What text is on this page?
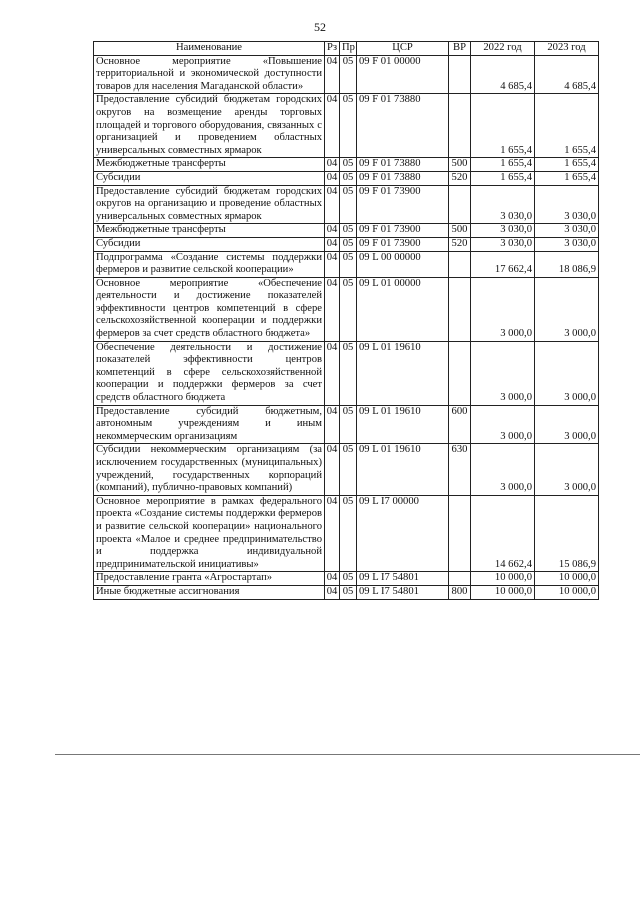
52
Наименование	Рз	Пр	ЦСР	ВР	2022 год	2023 год
Основное мероприятие «Повышение территориальной и экономической доступности товаров для населения Магаданской области»	04	05	09 F 01 00000		4 685,4	4 685,4
Предоставление субсидий бюджетам городских округов на возмещение аренды торговых площадей и торгового оборудования, связанных с организацией и проведением областных универсальных совместных ярмарок	04	05	09 F 01 73880		1 655,4	1 655,4
Межбюджетные трансферты	04	05	09 F 01 73880	500	1 655,4	1 655,4
Субсидии	04	05	09 F 01 73880	520	1 655,4	1 655,4
Предоставление субсидий бюджетам городских округов на организацию и проведение областных универсальных совместных ярмарок	04	05	09 F 01 73900		3 030,0	3 030,0
Межбюджетные трансферты	04	05	09 F 01 73900	500	3 030,0	3 030,0
Субсидии	04	05	09 F 01 73900	520	3 030,0	3 030,0
Подпрограмма «Создание системы поддержки фермеров и развитие сельской кооперации»	04	05	09 L 00 00000		17 662,4	18 086,9
Основное мероприятие «Обеспечение деятельности и достижение показателей эффективности центров компетенций в сфере сельскохозяйственной кооперации и поддержки фермеров за счет средств областного бюджета»	04	05	09 L 01 00000		3 000,0	3 000,0
Обеспечение деятельности и достижение показателей эффективности центров компетенций в сфере сельскохозяйственной кооперации и поддержки фермеров за счет средств областного бюджета	04	05	09 L 01 19610		3 000,0	3 000,0
Предоставление субсидий бюджетным, автономным учреждениям и иным некоммерческим организациям	04	05	09 L 01 19610	600	3 000,0	3 000,0
Субсидии некоммерческим организациям (за исключением государственных (муниципальных) учреждений, государственных корпораций (компаний), публично-правовых компаний)	04	05	09 L 01 19610	630	3 000,0	3 000,0
Основное мероприятие в рамках федерального проекта «Создание системы поддержки фермеров и развитие сельской кооперации» национального проекта «Малое и среднее предпринимательство и поддержка индивидуальной предпринимательской инициативы»	04	05	09 L I7 00000		14 662,4	15 086,9
Предоставление гранта «Агростартап»	04	05	09 L I7 54801		10 000,0	10 000,0
Иные бюджетные ассигнования	04	05	09 L I7 54801	800	10 000,0	10 000,0
